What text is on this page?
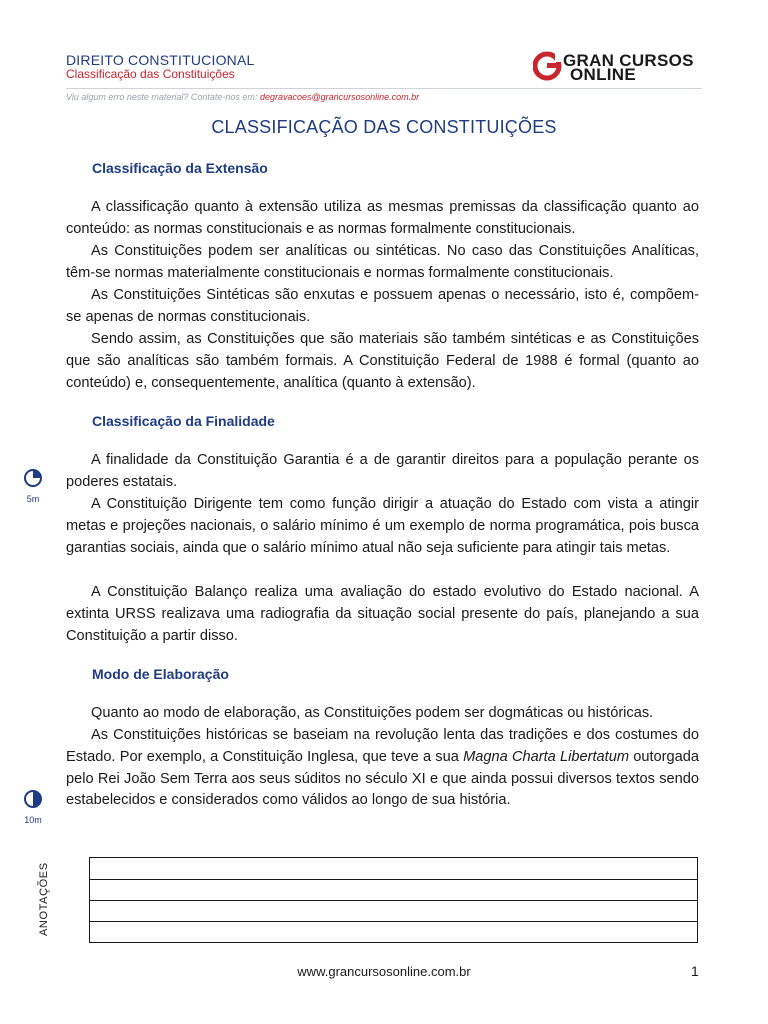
DIREITO CONSTITUCIONAL
Classificação das Constituições
GRAN CURSOS
ONLINE
Viu algum erro neste material? Contate-nos em: degravacoes@grancursosonline.com.br
CLASSIFICAÇÃO DAS CONSTITUIÇÕES
Classificação da Extensão

A classificação quanto à extensão utiliza as mesmas premissas da classificação quanto ao conteúdo: as normas constitucionais e as normas formalmente constitucionais.

As Constituições podem ser analíticas ou sintéticas. No caso das Constituições Analíticas, têm-se normas materialmente constitucionais e normas formalmente constitucionais.

As Constituições Sintéticas são enxutas e possuem apenas o necessário, isto é, compõem-se apenas de normas constitucionais.

Sendo assim, as Constituições que são materiais são também sintéticas e as Constituições que são analíticas são também formais. A Constituição Federal de 1988 é formal (quanto ao conteúdo) e, consequentemente, analítica (quanto à extensão).

Classificação da Finalidade

A finalidade da Constituição Garantia é a de garantir direitos para a população perante os poderes estatais.

A Constituição Dirigente tem como função dirigir a atuação do Estado com vista a atingir metas e projeções nacionais, o salário mínimo é um exemplo de norma programática, pois busca garantias sociais, ainda que o salário mínimo atual não seja suficiente para atingir tais metas.

A Constituição Balanço realiza uma avaliação do estado evolutivo do Estado nacional. A extinta URSS realizava uma radiografia da situação social presente do país, planejando a sua Constituição a partir disso.

Modo de Elaboração

Quanto ao modo de elaboração, as Constituições podem ser dogmáticas ou históricas.

As Constituições históricas se baseiam na revolução lenta das tradições e dos costumes do Estado. Por exemplo, a Constituição Inglesa, que teve a sua Magna Charta Libertatum outorgada pelo Rei João Sem Terra aos seus súditos no século XI e que ainda possui diversos textos sendo estabelecidos e considerados como válidos ao longo de sua história.

5m
10m
ANOTAÇÕES
www.grancursosonline.com.br	1
